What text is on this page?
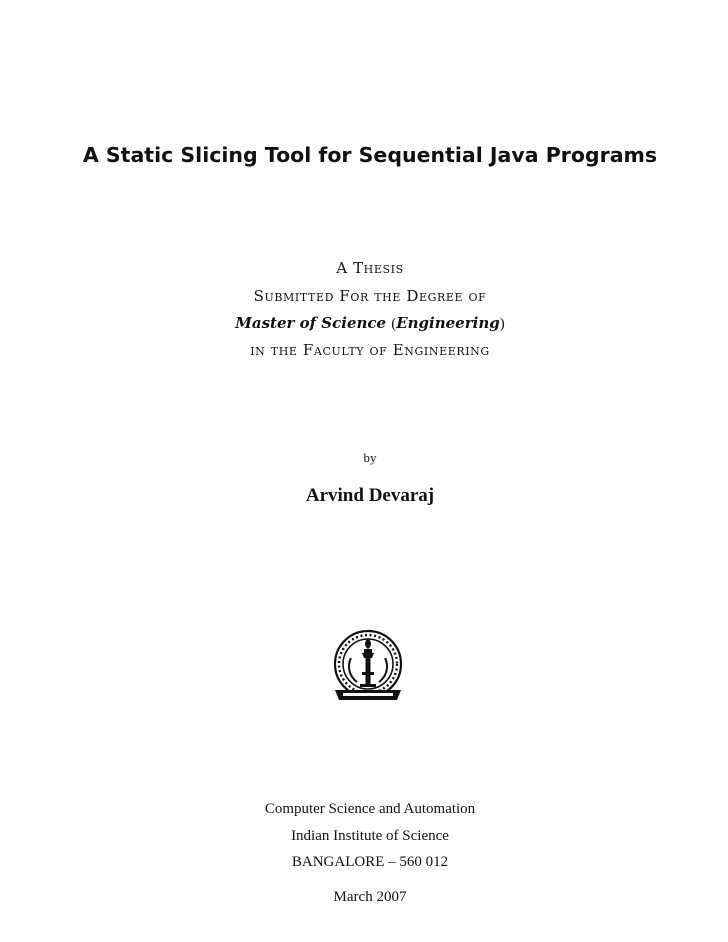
A Static Slicing Tool for Sequential Java Programs

A Thesis

Submitted For the Degree of

Master of Science (Engineering)

in the Faculty of Engineering

by

Arvind Devaraj

Computer Science and Automation

Indian Institute of Science

BANGALORE – 560 012

March 2007
